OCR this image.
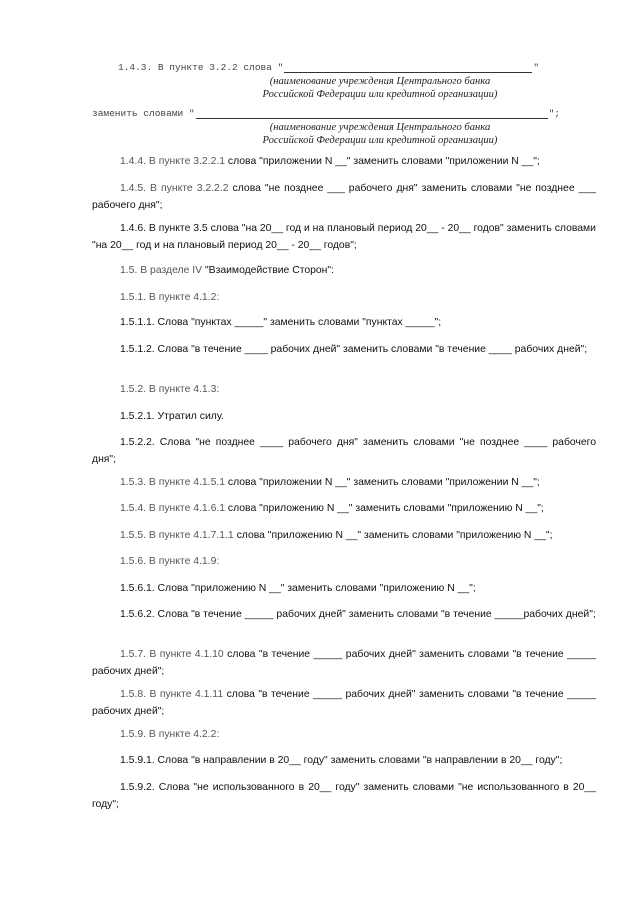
1.4.3. В пункте 3.2.2 слова "	"
(наименование учреждения Центрального банка
Российской Федерации или кредитной организации)
заменить словами "	";
(наименование учреждения Центрального банка
Российской Федерации или кредитной организации)
1.4.4. В пункте 3.2.2.1 слова "приложении N __" заменить словами "приложении N __";
1.4.5. В пункте 3.2.2.2 слова "не позднее ___ рабочего дня" заменить словами "не позднее ___ рабочего дня";
1.4.6. В пункте 3.5 слова "на 20__ год и на плановый период 20__ - 20__ годов" заменить словами "на 20__ год и на плановый период 20__ - 20__ годов";
1.5. В разделе IV "Взаимодействие Сторон":
1.5.1. В пункте 4.1.2:
1.5.1.1. Слова "пунктах _____" заменить словами "пунктах _____";
1.5.1.2. Слова "в течение ____ рабочих дней" заменить словами "в течение ____ рабочих дней";
1.5.2. В пункте 4.1.3:
1.5.2.1. Утратил силу.
1.5.2.2. Слова "не позднее ____ рабочего дня" заменить словами "не позднее ____ рабочего дня";
1.5.3. В пункте 4.1.5.1 слова "приложении N __" заменить словами "приложении N __";
1.5.4. В пункте 4.1.6.1 слова "приложению N __" заменить словами "приложению N __";
1.5.5. В пункте 4.1.7.1.1 слова "приложению N __" заменить словами "приложению N __";
1.5.6. В пункте 4.1.9:
1.5.6.1. Слова "приложению N __" заменить словами "приложению N __";
1.5.6.2. Слова "в течение _____ рабочих дней" заменить словами "в течение _____рабочих дней";
1.5.7. В пункте 4.1.10 слова "в течение _____ рабочих дней" заменить словами "в течение _____ рабочих дней";
1.5.8. В пункте 4.1.11 слова "в течение _____ рабочих дней" заменить словами "в течение _____ рабочих дней";
1.5.9. В пункте 4.2.2:
1.5.9.1. Слова "в направлении в 20__ году" заменить словами "в направлении в 20__ году";
1.5.9.2. Слова "не использованного в 20__ году" заменить словами "не использованного в 20__ году";
